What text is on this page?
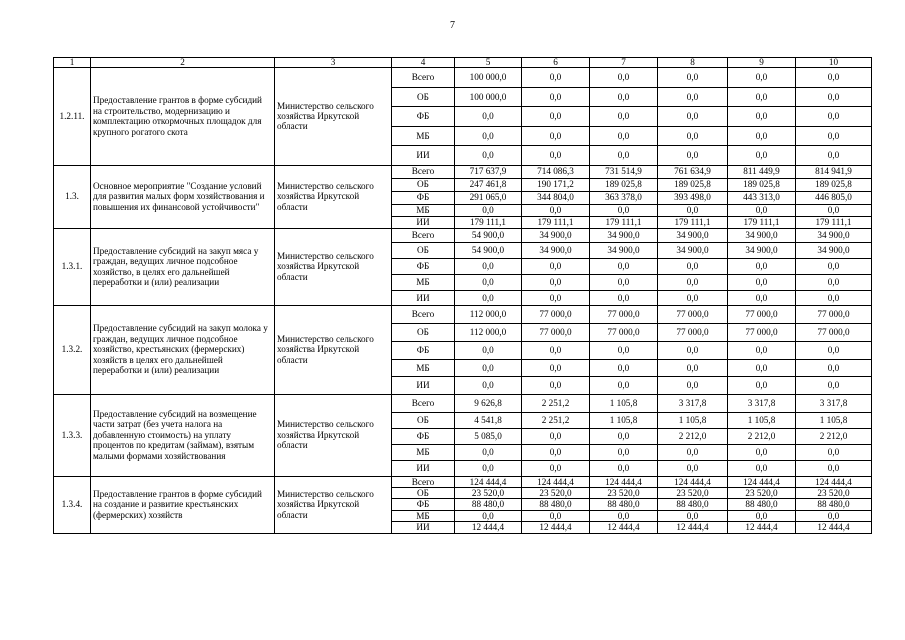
7
1	2	3	4	5	6	7	8	9	10
1.2.11.	Предоставление грантов в форме субсидий на строительство, модернизацию и комплектацию откормочных площадок для крупного рогатого скота	Министерство сельского хозяйства Иркутской области	Всего	100 000,0	0,0	0,0	0,0	0,0	0,0
			ОБ	100 000,0	0,0	0,0	0,0	0,0	0,0
			ФБ	0,0	0,0	0,0	0,0	0,0	0,0
			МБ	0,0	0,0	0,0	0,0	0,0	0,0
			ИИ	0,0	0,0	0,0	0,0	0,0	0,0
1.3.	Основное мероприятие "Создание условий для развития малых форм хозяйствования и повышения их финансовой устойчивости"	Министерство сельского хозяйства Иркутской области	Всего	717 637,9	714 086,3	731 514,9	761 634,9	811 449,9	814 941,9
			ОБ	247 461,8	190 171,2	189 025,8	189 025,8	189 025,8	189 025,8
			ФБ	291 065,0	344 804,0	363 378,0	393 498,0	443 313,0	446 805,0
			МБ	0,0	0,0	0,0	0,0	0,0	0,0
			ИИ	179 111,1	179 111,1	179 111,1	179 111,1	179 111,1	179 111,1
1.3.1.	Предоставление субсидий на закуп мяса у граждан, ведущих личное подсобное хозяйство, в целях его дальнейшей переработки и (или) реализации	Министерство сельского хозяйства Иркутской области	Всего	54 900,0	34 900,0	34 900,0	34 900,0	34 900,0	34 900,0
			ОБ	54 900,0	34 900,0	34 900,0	34 900,0	34 900,0	34 900,0
			ФБ	0,0	0,0	0,0	0,0	0,0	0,0
			МБ	0,0	0,0	0,0	0,0	0,0	0,0
			ИИ	0,0	0,0	0,0	0,0	0,0	0,0
1.3.2.	Предоставление субсидий на закуп молока у граждан, ведущих личное подсобное хозяйство, крестьянских (фермерских) хозяйств в целях его дальнейшей переработки и (или) реализации	Министерство сельского хозяйства Иркутской области	Всего	112 000,0	77 000,0	77 000,0	77 000,0	77 000,0	77 000,0
			ОБ	112 000,0	77 000,0	77 000,0	77 000,0	77 000,0	77 000,0
			ФБ	0,0	0,0	0,0	0,0	0,0	0,0
			МБ	0,0	0,0	0,0	0,0	0,0	0,0
			ИИ	0,0	0,0	0,0	0,0	0,0	0,0
1.3.3.	Предоставление субсидий на возмещение части затрат (без учета налога на добавленную стоимость) на уплату процентов по кредитам (займам), взятым малыми формами хозяйствования	Министерство сельского хозяйства Иркутской области	Всего	9 626,8	2 251,2	1 105,8	3 317,8	3 317,8	3 317,8
			ОБ	4 541,8	2 251,2	1 105,8	1 105,8	1 105,8	1 105,8
			ФБ	5 085,0	0,0	0,0	2 212,0	2 212,0	2 212,0
			МБ	0,0	0,0	0,0	0,0	0,0	0,0
			ИИ	0,0	0,0	0,0	0,0	0,0	0,0
1.3.4.	Предоставление грантов в форме субсидий на создание и развитие крестьянских (фермерских) хозяйств	Министерство сельского хозяйства Иркутской области	Всего	124 444,4	124 444,4	124 444,4	124 444,4	124 444,4	124 444,4
			ОБ	23 520,0	23 520,0	23 520,0	23 520,0	23 520,0	23 520,0
			ФБ	88 480,0	88 480,0	88 480,0	88 480,0	88 480,0	88 480,0
			МБ	0,0	0,0	0,0	0,0	0,0	0,0
			ИИ	12 444,4	12 444,4	12 444,4	12 444,4	12 444,4	12 444,4
